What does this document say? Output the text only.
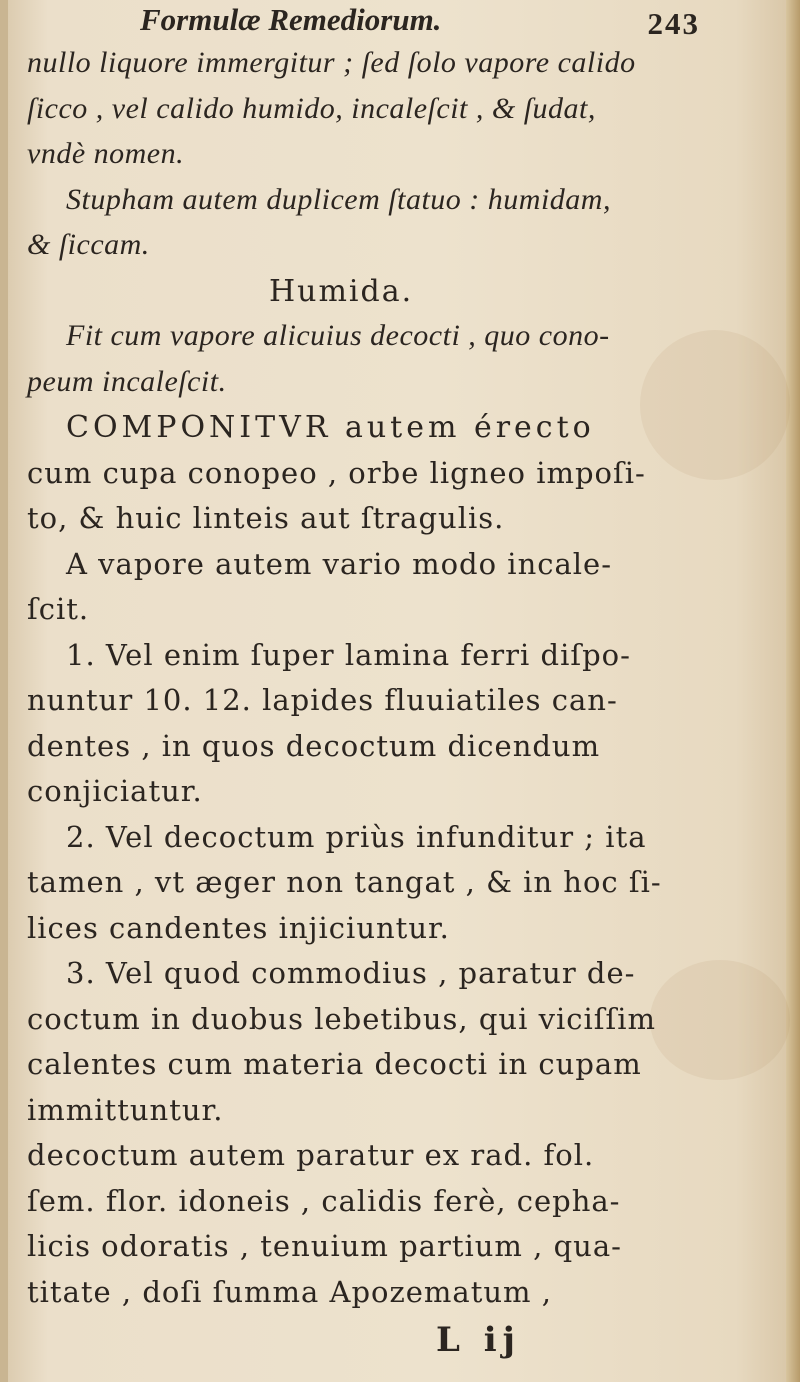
Formulæ Remediorum.	243
nullo liquore immergitur ; ſed ſolo vapore calido
ſicco , vel calido humido, incaleſcit , & ſudat,
vndè nomen.
Stupham autem duplicem ſtatuo : humidam,
& ſiccam.
Humida.
Fit cum vapore alicuius decocti , quo cono-
peum incaleſcit.
COMPONITVR autem érecto
cum cupa conopeo , orbe ligneo impoſi-
to, & huic linteis aut ſtragulis.
A vapore autem vario modo incale-
ſcit.
1. Vel enim ſuper lamina ferri diſpo-
nuntur 10. 12. lapides fluuiatiles can-
dentes , in quos decoctum dicendum
conjiciatur.
2. Vel decoctum priùs infunditur ; ita
tamen , vt æger non tangat , & in hoc ſi-
lices candentes injiciuntur.
3. Vel quod commodius , paratur de-
coctum in duobus lebetibus, qui viciſſim
calentes cum materia decocti in cupam
immittuntur.
decoctum autem paratur ex rad. fol.
ſem. flor. idoneis , calidis ferè, cepha-
licis odoratis , tenuium partium , qua-
titate , doſi ſumma Apozematum ,
L ij
